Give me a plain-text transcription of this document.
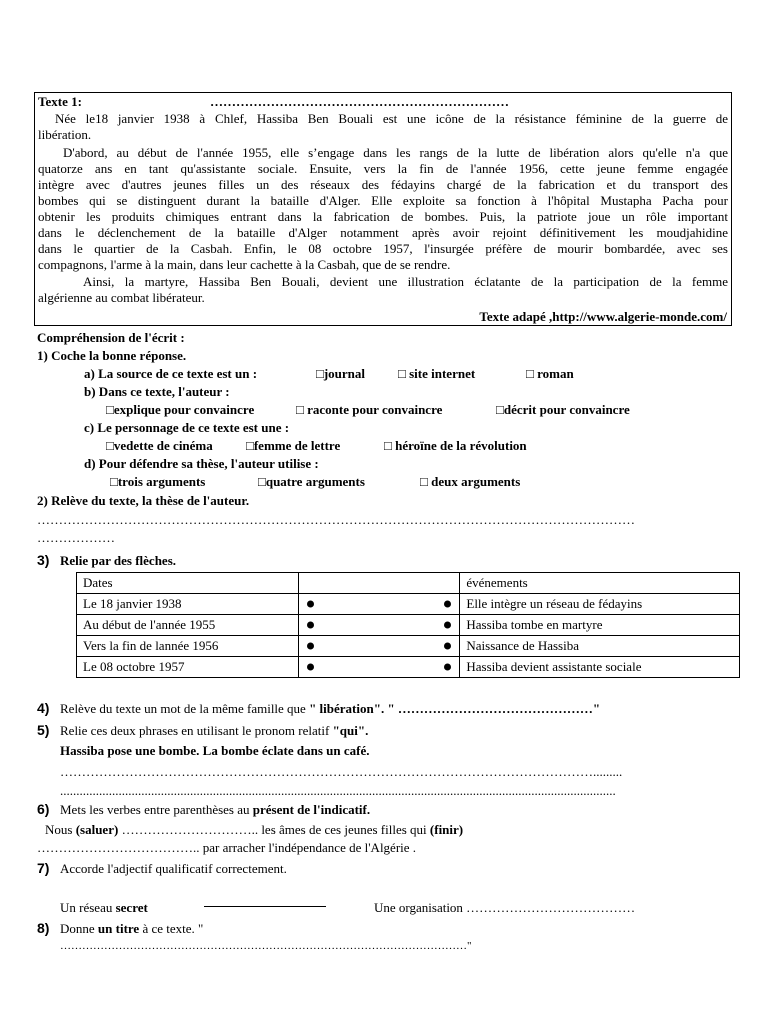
Texte 1:	……………………………………………………………
Née le18 janvier 1938 à Chlef, Hassiba Ben Bouali est une icône de la résistance féminine de la guerre de
libération.
D'abord, au début de l'année 1955, elle s’engage dans les rangs de la lutte de libération alors qu'elle n'a que
quatorze ans en tant qu'assistante sociale. Ensuite, vers la fin de l'année 1956, cette jeune femme engagée
intègre avec d'autres jeunes filles un des réseaux des fédayins chargé de la fabrication et du transport des
bombes qui se distinguent durant la bataille d'Alger. Elle exploite sa fonction à l'hôpital Mustapha Pacha pour
obtenir les produits chimiques entrant dans la fabrication de bombes. Puis, la patriote joue un rôle important
dans le déclenchement de la bataille d'Alger notamment après avoir rejoint définitivement les moudjahidine
dans le quartier de la Casbah. Enfin, le 08 octobre 1957, l'insurgée préfère de mourir bombardée, avec ses
compagnons, l'arme à la main, dans leur cachette à la Casbah, que de se rendre.
Ainsi, la martyre, Hassiba Ben Bouali, devient une illustration éclatante de la participation de la femme
algérienne au combat libérateur.
Texte adapé ,http://www.algerie-monde.com/
Compréhension de l'écrit :
1) Coche la bonne réponse.
a) La source de ce texte est un :	□journal	□ site internet	□ roman
b) Dans ce texte, l'auteur :
□explique pour convaincre	□ raconte pour convaincre	□décrit pour convaincre
c) Le personnage de ce texte est une :
□vedette de cinéma	□femme de lettre	□ héroïne de la révolution
d) Pour défendre sa thèse, l'auteur utilise :
□trois arguments	□quatre arguments	□ deux arguments
2) Relève du texte, la thèse de l'auteur.
…………………………………………………………………………………………………………………………
………………
3) Relie par des flèches.
Dates		événements
Le 18 janvier 1938		Elle intègre un réseau de fédayins
Au début de l'année 1955		Hassiba tombe en martyre
Vers la fin de lannée 1956		Naissance de Hassiba
Le 08 octobre 1957		Hassiba devient assistante sociale
4) Relève du texte un mot de la même famille que " libération". " ………………………………………"
5) Relie ces deux phrases en utilisant le pronom relatif "qui".
Hassiba pose une bombe. La bombe éclate dans un café.
…………………………………………………………………………………………………………….........
...........................................................................................................................................................................
6) Mets les verbes entre parenthèses au présent de l'indicatif.
Nous (saluer) ………………………….. les âmes de ces jeunes filles qui (finir)
……………………………….. par arracher l'indépendance de l'Algérie .
7) Accorde l'adjectif qualificatif correctement.
Un réseau secret	Une organisation …………………………………
8) Donne un titre à ce texte. "
…………………………………………………………………………………………………"
